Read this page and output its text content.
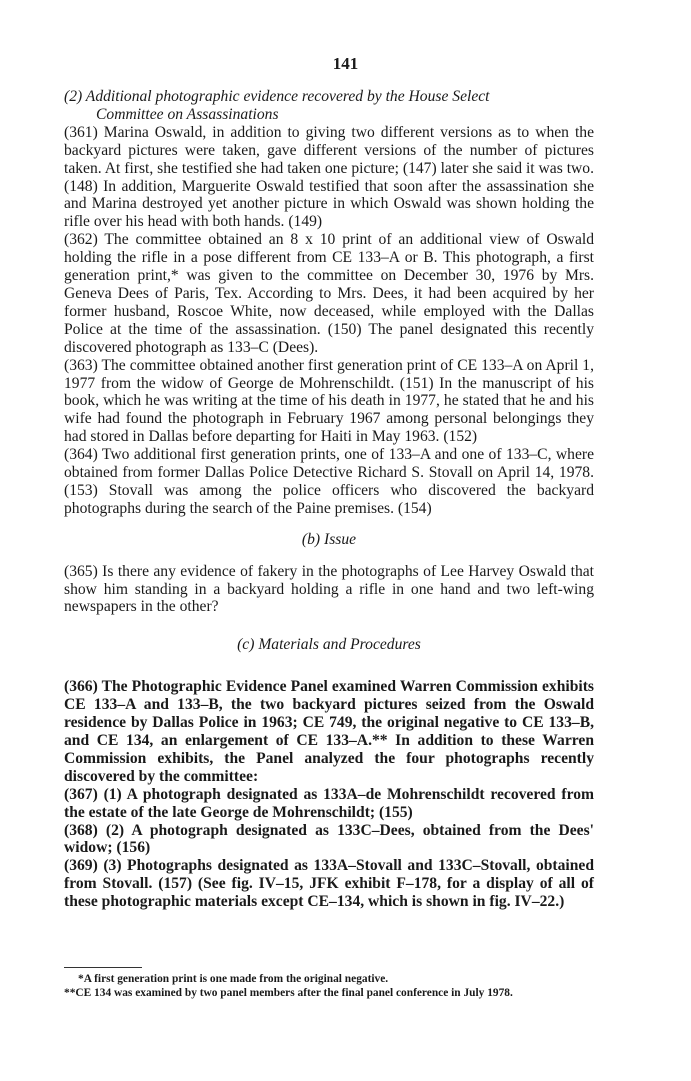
141

(2) Additional photographic evidence recovered by the House Select
Committee on Assassinations

(361) Marina Oswald, in addition to giving two different versions as to when the backyard pictures were taken, gave different versions of the number of pictures taken. At first, she testified she had taken one picture; (147) later she said it was two. (148) In addition, Marguerite Oswald testified that soon after the assassination she and Marina destroyed yet another picture in which Oswald was shown holding the rifle over his head with both hands. (149)

(362) The committee obtained an 8 x 10 print of an additional view of Oswald holding the rifle in a pose different from CE 133–A or B. This photograph, a first generation print,* was given to the committee on December 30, 1976 by Mrs. Geneva Dees of Paris, Tex. According to Mrs. Dees, it had been acquired by her former husband, Roscoe White, now deceased, while employed with the Dallas Police at the time of the assassination. (150) The panel designated this recently discovered photograph as 133–C (Dees).

(363) The committee obtained another first generation print of CE 133–A on April 1, 1977 from the widow of George de Mohrenschildt. (151) In the manuscript of his book, which he was writing at the time of his death in 1977, he stated that he and his wife had found the photograph in February 1967 among personal belongings they had stored in Dallas before departing for Haiti in May 1963. (152)

(364) Two additional first generation prints, one of 133–A and one of 133–C, where obtained from former Dallas Police Detective Richard S. Stovall on April 14, 1978. (153) Stovall was among the police officers who discovered the backyard photographs during the search of the Paine premises. (154)

(b) Issue

(365) Is there any evidence of fakery in the photographs of Lee Harvey Oswald that show him standing in a backyard holding a rifle in one hand and two left-wing newspapers in the other?

(c) Materials and Procedures

(366) The Photographic Evidence Panel examined Warren Commission exhibits CE 133–A and 133–B, the two backyard pictures seized from the Oswald residence by Dallas Police in 1963; CE 749, the original negative to CE 133–B, and CE 134, an enlargement of CE 133–A.** In addition to these Warren Commission exhibits, the Panel analyzed the four photographs recently discovered by the committee:

(367) (1) A photograph designated as 133A–de Mohrenschildt recovered from the estate of the late George de Mohrenschildt; (155)

(368) (2) A photograph designated as 133C–Dees, obtained from the Dees' widow; (156)

(369) (3) Photographs designated as 133A–Stovall and 133C–Stovall, obtained from Stovall. (157) (See fig. IV–15, JFK exhibit F–178, for a display of all of these photographic materials except CE–134, which is shown in fig. IV–22.)

*A first generation print is one made from the original negative.

**CE 134 was examined by two panel members after the final panel conference in July 1978.
